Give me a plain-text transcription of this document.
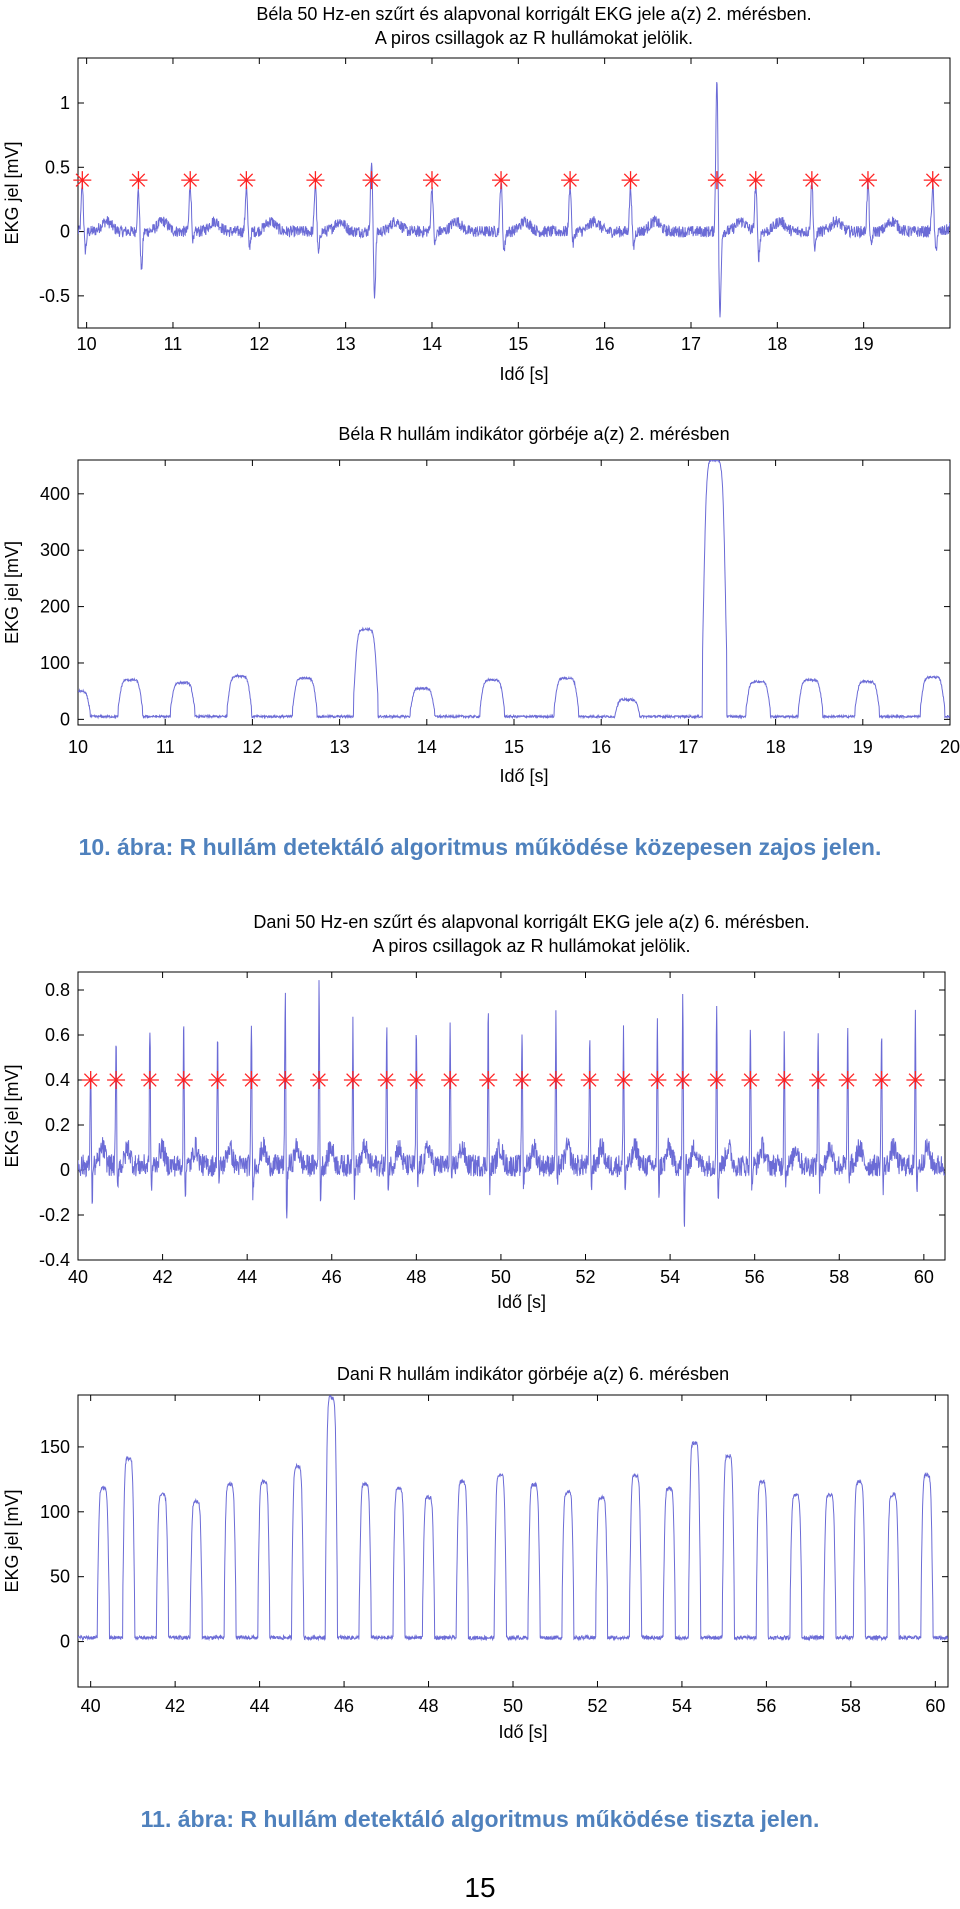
Béla 50 Hz-en szűrt és alapvonal korrigált EKG jele a(z) 2. mérésben.
A piros csillagok az R hullámokat jelölik.
10	11	12	13	14	15	16	17	18	19
-0.5
0
0.5
1
Idő [s]
EKG jel [mV]
Béla R hullám indikátor görbéje a(z) 2. mérésben
10	11	12	13	14	15	16	17	18	19	20
0
100
200
300
400
Idő [s]
EKG jel [mV]
10. ábra: R hullám detektáló algoritmus működése közepesen zajos jelen.
Dani 50 Hz-en szűrt és alapvonal korrigált EKG jele a(z) 6. mérésben.
A piros csillagok az R hullámokat jelölik.
40	42	44	46	48	50	52	54	56	58	60
-0.4
-0.2
0
0.2
0.4
0.6
0.8
Idő [s]
EKG jel [mV]
Dani R hullám indikátor görbéje a(z) 6. mérésben
40	42	44	46	48	50	52	54	56	58	60
0
50
100
150
Idő [s]
EKG jel [mV]
11. ábra: R hullám detektáló algoritmus működése tiszta jelen.
15
